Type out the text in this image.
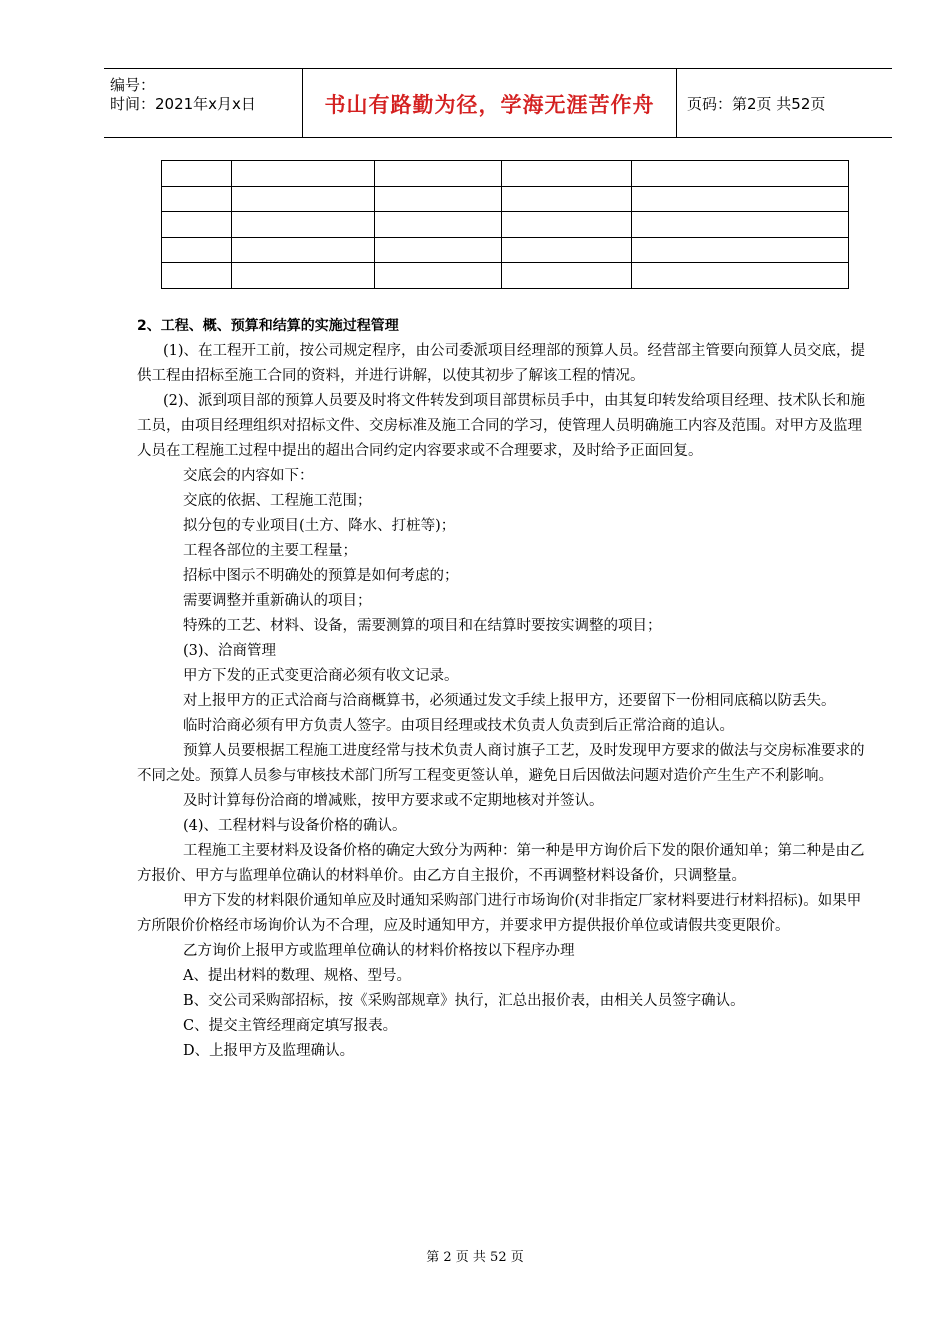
编号：
时间：2021年x月x日	书山有路勤为径，学海无涯苦作舟	页码：第2页 共52页

2、工程、概、预算和结算的实施过程管理

(1)、在工程开工前，按公司规定程序，由公司委派项目经理部的预算人员。经营部主管要向预算人员交底，提供工程由招标至施工合同的资料，并进行讲解，以使其初步了解该工程的情况。

(2)、派到项目部的预算人员要及时将文件转发到项目部贯标员手中，由其复印转发给项目经理、技术队长和施工员，由项目经理组织对招标文件、交房标准及施工合同的学习，使管理人员明确施工内容及范围。对甲方及监理人员在工程施工过程中提出的超出合同约定内容要求或不合理要求，及时给予正面回复。

交底会的内容如下：

交底的依据、工程施工范围；

拟分包的专业项目(土方、降水、打桩等)；

工程各部位的主要工程量；

招标中图示不明确处的预算是如何考虑的；

需要调整并重新确认的项目；

特殊的工艺、材料、设备，需要测算的项目和在结算时要按实调整的项目；

(3)、洽商管理

甲方下发的正式变更洽商必须有收文记录。

对上报甲方的正式洽商与洽商概算书，必须通过发文手续上报甲方，还要留下一份相同底稿以防丢失。

临时洽商必须有甲方负责人签字。由项目经理或技术负责人负责到后正常洽商的追认。

预算人员要根据工程施工进度经常与技术负责人商讨旗子工艺，及时发现甲方要求的做法与交房标准要求的不同之处。预算人员参与审核技术部门所写工程变更签认单，避免日后因做法问题对造价产生生产不利影响。

及时计算每份洽商的增减账，按甲方要求或不定期地核对并签认。

(4)、工程材料与设备价格的确认。

工程施工主要材料及设备价格的确定大致分为两种：第一种是甲方询价后下发的限价通知单；第二种是由乙方报价、甲方与监理单位确认的材料单价。由乙方自主报价，不再调整材料设备价，只调整量。

甲方下发的材料限价通知单应及时通知采购部门进行市场询价(对非指定厂家材料要进行材料招标)。如果甲方所限价价格经市场询价认为不合理，应及时通知甲方，并要求甲方提供报价单位或请假共变更限价。

乙方询价上报甲方或监理单位确认的材料价格按以下程序办理

A、提出材料的数理、规格、型号。

B、交公司采购部招标，按《采购部规章》执行，汇总出报价表，由相关人员签字确认。

C、提交主管经理商定填写报表。

D、上报甲方及监理确认。

第 2 页 共 52 页
